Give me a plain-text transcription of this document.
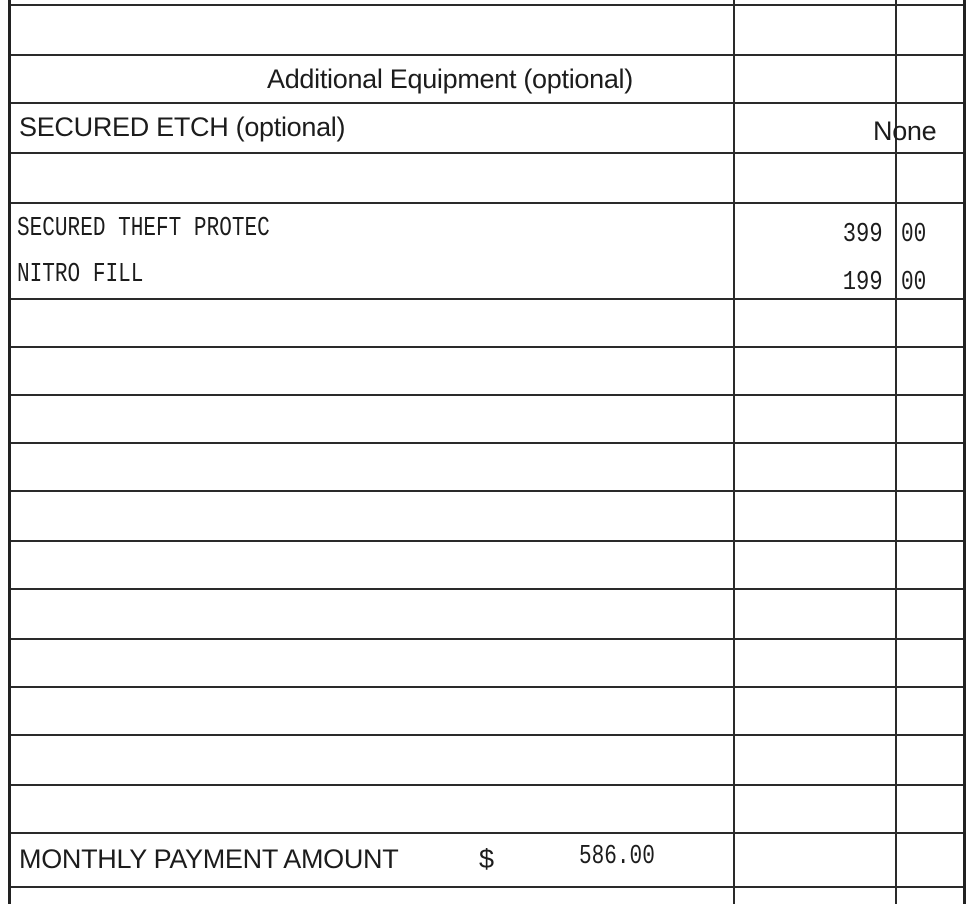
Additional Equipment (optional)
SECURED ETCH (optional)	None
SECURED THEFT PROTEC	399 00
NITRO FILL	199 00
MONTHLY PAYMENT AMOUNT	$	586.00
